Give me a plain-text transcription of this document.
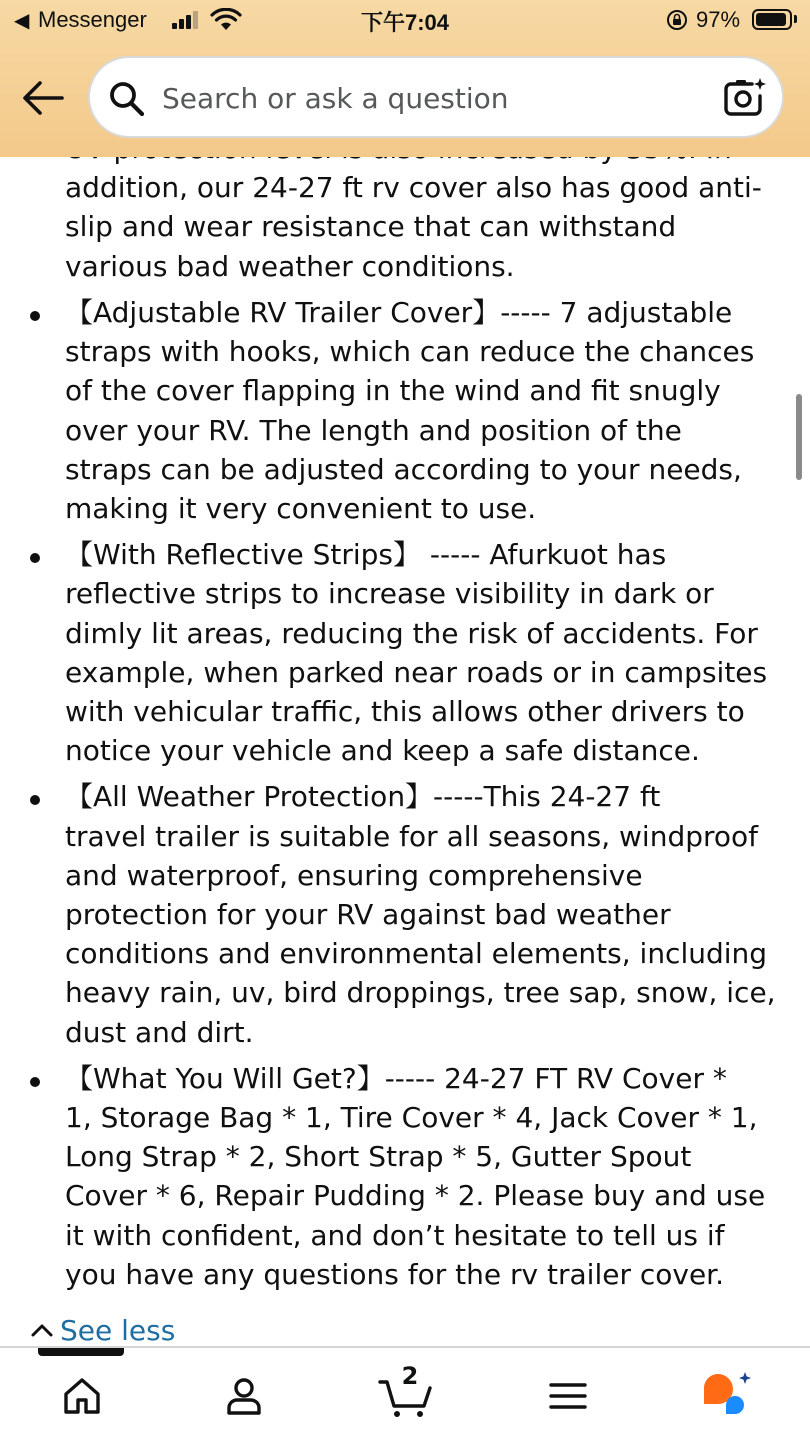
◀ Messenger	下午7:04	97%
Search or ask a question

addition, our 24-27 ft rv cover also has good anti-
slip and wear resistance that can withstand
various bad weather conditions.
【Adjustable RV Trailer Cover】----- 7 adjustable
straps with hooks, which can reduce the chances
of the cover flapping in the wind and fit snugly
over your RV. The length and position of the
straps can be adjusted according to your needs,
making it very convenient to use.
【With Reflective Strips】 ----- Afurkuot has
reflective strips to increase visibility in dark or
dimly lit areas, reducing the risk of accidents. For
example, when parked near roads or in campsites
with vehicular traffic, this allows other drivers to
notice your vehicle and keep a safe distance.
【All Weather Protection】-----This 24-27 ft
travel trailer is suitable for all seasons, windproof
and waterproof, ensuring comprehensive
protection for your RV against bad weather
conditions and environmental elements, including
heavy rain, uv, bird droppings, tree sap, snow, ice,
dust and dirt.
【What You Will Get?】----- 24-27 FT RV Cover *
1, Storage Bag * 1, Tire Cover * 4, Jack Cover * 1,
Long Strap * 2, Short Strap * 5, Gutter Spout
Cover * 6, Repair Pudding * 2. Please buy and use
it with confident, and don’t hesitate to tell us if
you have any questions for the rv trailer cover.
See less
2
